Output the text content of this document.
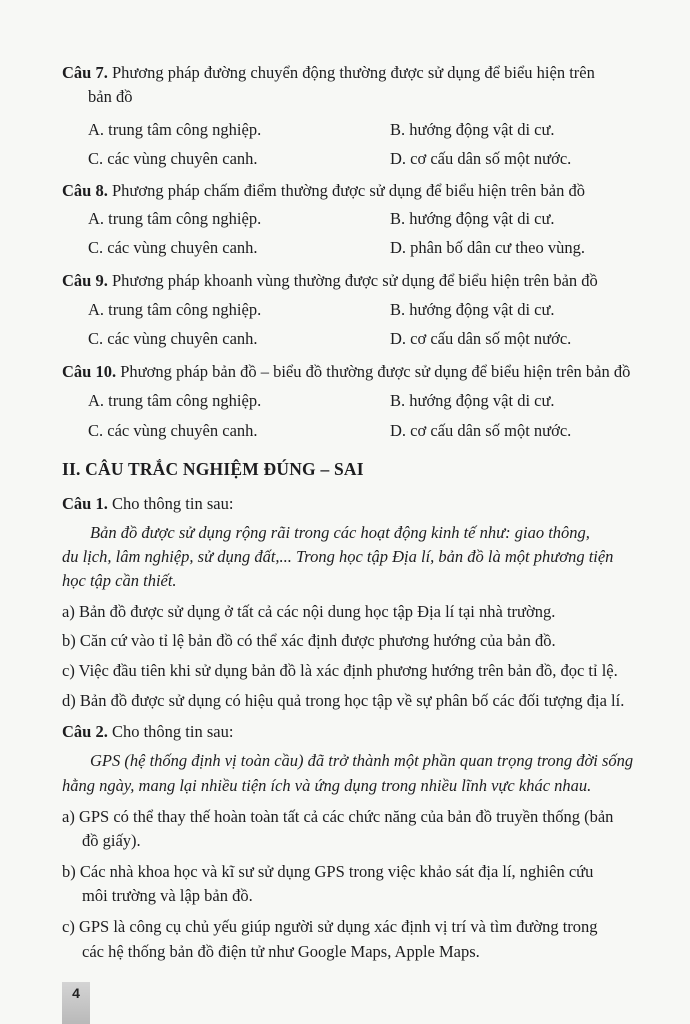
Câu 7. Phương pháp đường chuyển động thường được sử dụng để biểu hiện trên
bản đồ
A. trung tâm công nghiệp.	B. hướng động vật di cư.
C. các vùng chuyên canh.	D. cơ cấu dân số một nước.
Câu 8. Phương pháp chấm điểm thường được sử dụng để biểu hiện trên bản đồ
A. trung tâm công nghiệp.	B. hướng động vật di cư.
C. các vùng chuyên canh.	D. phân bố dân cư theo vùng.
Câu 9. Phương pháp khoanh vùng thường được sử dụng để biểu hiện trên bản đồ
A. trung tâm công nghiệp.	B. hướng động vật di cư.
C. các vùng chuyên canh.	D. cơ cấu dân số một nước.
Câu 10. Phương pháp bản đồ – biểu đồ thường được sử dụng để biểu hiện trên bản đồ
A. trung tâm công nghiệp.	B. hướng động vật di cư.
C. các vùng chuyên canh.	D. cơ cấu dân số một nước.
II. CÂU TRẮC NGHIỆM ĐÚNG – SAI
Câu 1. Cho thông tin sau:
Bản đồ được sử dụng rộng rãi trong các hoạt động kinh tế như: giao thông,
du lịch, lâm nghiệp, sử dụng đất,... Trong học tập Địa lí, bản đồ là một phương tiện
học tập cần thiết.
a) Bản đồ được sử dụng ở tất cả các nội dung học tập Địa lí tại nhà trường.
b) Căn cứ vào tỉ lệ bản đồ có thể xác định được phương hướng của bản đồ.
c) Việc đầu tiên khi sử dụng bản đồ là xác định phương hướng trên bản đồ, đọc tỉ lệ.
d) Bản đồ được sử dụng có hiệu quả trong học tập về sự phân bố các đối tượng địa lí.
Câu 2. Cho thông tin sau:
GPS (hệ thống định vị toàn cầu) đã trở thành một phần quan trọng trong đời sống
hằng ngày, mang lại nhiều tiện ích và ứng dụng trong nhiều lĩnh vực khác nhau.
a) GPS có thể thay thế hoàn toàn tất cả các chức năng của bản đồ truyền thống (bản
đồ giấy).
b) Các nhà khoa học và kĩ sư sử dụng GPS trong việc khảo sát địa lí, nghiên cứu
môi trường và lập bản đồ.
c) GPS là công cụ chủ yếu giúp người sử dụng xác định vị trí và tìm đường trong
các hệ thống bản đồ điện tử như Google Maps, Apple Maps.
4
